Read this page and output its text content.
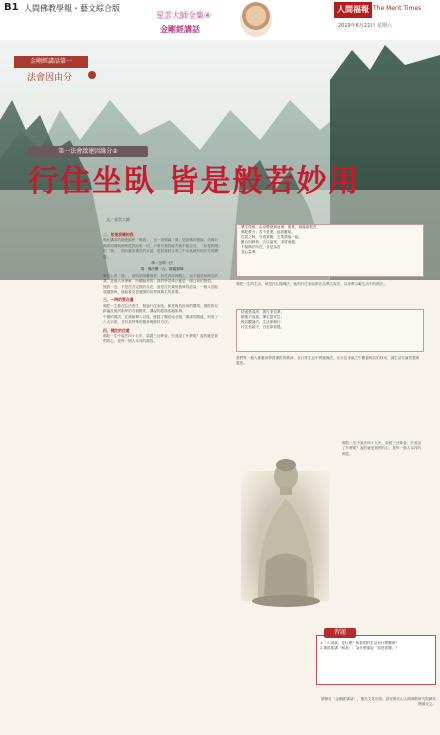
B1 人間佛教學報・藝文綜合版
星雲大師全集④
金剛經講話
人間福報 The Merit Times
2019年6月22日 星期六
金剛經講話第一
法會因由分
第一法會啟建因緣分②
行住坐臥 皆是般若妙用
文／星雲大師

二、如是我聞的我

佛法講求的精進綿密「無我」，也一再強調「我」是諸佛的根源。信佛行佛要知佛與佛皆從我而來一切，只要有我的地方就不能自在，「如是我聞」的「我」，指的應是佛法的本意，是對我們生命之中本來就有的法性的體證。

佛一念現一法

現：佛法僧一合，無礙無障

事相上的「我」，指的是阿難尊者，但在真如理體上，這不過是個假名的我，是個人所理解、所體驗到的；我們學習佛法應是一個日新的覺悟。

無我一念，不是在否定我的存在，而是在於覺悟我執的虛妄，一個人若能超越我執，就能看見更遼闊的世界與眾生的需要。

三、一時的要合適

佛陀一生都在弘法度生，無論行住坐臥，都是般若妙用的體現；佛陀的足跡遍及恆河兩岸的各個國家，講說的經典浩瀚如海。

中國的佛法，在漢朝傳入以後，歷經了魏晉南北朝、隋唐的興盛，形成了八大宗派，各有其特殊的精神與修持方法。

四、佛陀的住處

佛陀一生中說法四十九年，談經三百餘會，究竟說了什麼呢？說的就是我們的心，是每一個人本具的佛性。

眾生得病，由身體發病而傷；宿業，滌蕩諸根苦，
佛陀教令；苦不是業，起居應知。
在居之時，守成業報，生業煩惱一起，
聚合因緣者，合以當來，求度而報；
不知佛法所在，各是為苦
並心量事

佛陀一生的生活，就是在弘揚佛法，他的行住坐臥都在為眾生說法，以身教示範生活中的佛法。

持戒是清淨，善行非自業；
精進不放逸，禪定是安住；
般若觀諸法，生活即修行；
行住坐臥中，自在即菩提。

我們每一個人都應該學習佛陀的精神，在日常生活中實踐佛法，在行住坐臥之中體會般若的妙用，讓生活充滿智慧與慈悲。

佛陀一生中說法四十九年，談經三百餘會，究竟說了什麼呢？說的就是我們的心，是每一個人本具的佛性。

習題
1.「六成就」是什麼？和我們的生活有什麼關係？
2.佛經都講「無我」，為什麼還說「如是我聞」？
節錄自〈金剛經講話〉，佛光文化出版；請至佛光山人間佛教研究院網站閱讀全文。
藝文・人間
